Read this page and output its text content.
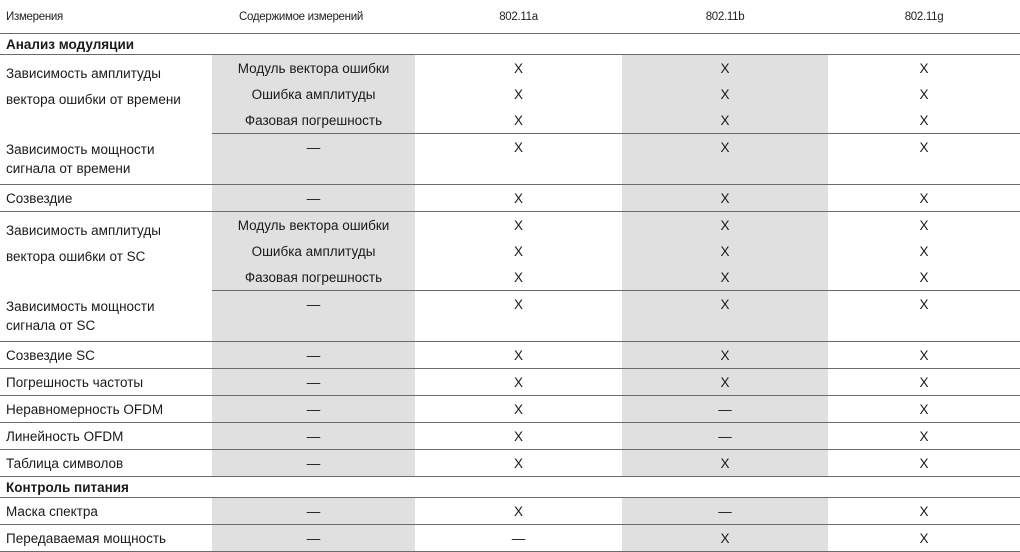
Измерения	Содержимое измерений	802.11a	802.11b	802.11g
Анализ модуляции				
Зависимость амплитуды
вектора ошибки от времени	Модуль вектора ошибки	X	X	X
	Ошибка амплитуды	X	X	X
	Фазовая погрешность	X	X	X
Зависимость мощности
сигнала от времени	—	X	X	X
Созвездие	—	X	X	X
Зависимость амплитуды
вектора оши6ки от SC	Модуль вектора ошибки	X	X	X
	Ошибка амплитуды	X	X	X
	Фазовая погрешность	X	X	X
Зависимость мощности
сигнала от SC	—	X	X	X
Созвездие SC	—	X	X	X
Погрешность частоты	—	X	X	X
Неравномерность OFDM	—	X	—	X
Линейность OFDM	—	X	—	X
Таблица символов	—	X	X	X
Контроль питания				
Маска спектра	—	X	—	X
Передаваемая мощность	—	—	X	X
